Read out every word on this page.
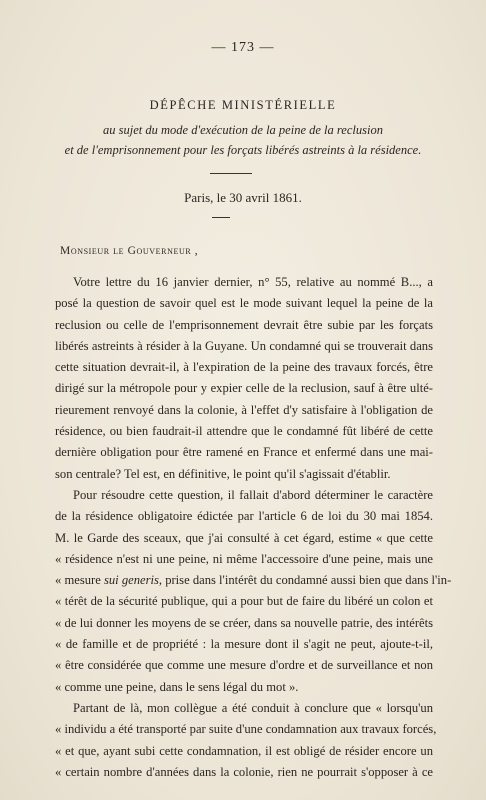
— 173 —
DÉPÊCHE MINISTÉRIELLE
au sujet du mode d'exécution de la peine de la reclusion
et de l'emprisonnement pour les forçats libérés astreints à la résidence.
Paris, le 30 avril 1861.
Monsieur le Gouverneur ,
Votre lettre du 16 janvier dernier, n° 55, relative au nommé B..., a
posé la question de savoir quel est le mode suivant lequel la peine de la
reclusion ou celle de l'emprisonnement devrait être subie par les forçats
libérés astreints à résider à la Guyane. Un condamné qui se trouverait dans
cette situation devrait-il, à l'expiration de la peine des travaux forcés, être
dirigé sur la métropole pour y expier celle de la reclusion, sauf à être ulté-
rieurement renvoyé dans la colonie, à l'effet d'y satisfaire à l'obligation de
résidence, ou bien faudrait-il attendre que le condamné fût libéré de cette
dernière obligation pour être ramené en France et enfermé dans une mai-
son centrale? Tel est, en définitive, le point qu'il s'agissait d'établir.
Pour résoudre cette question, il fallait d'abord déterminer le caractère
de la résidence obligatoire édictée par l'article 6 de loi du 30 mai 1854.
M. le Garde des sceaux, que j'ai consulté à cet égard, estime « que cette
« résidence n'est ni une peine, ni même l'accessoire d'une peine, mais une
« mesure sui generis, prise dans l'intérêt du condamné aussi bien que dans l'in-
« térêt de la sécurité publique, qui a pour but de faire du libéré un colon et
« de lui donner les moyens de se créer, dans sa nouvelle patrie, des intérêts
« de famille et de propriété : la mesure dont il s'agit ne peut, ajoute-t-il,
« être considérée que comme une mesure d'ordre et de surveillance et non
« comme une peine, dans le sens légal du mot ».
Partant de là, mon collègue a été conduit à conclure que « lorsqu'un
« individu a été transporté par suite d'une condamnation aux travaux forcés,
« et que, ayant subi cette condamnation, il est obligé de résider encore un
« certain nombre d'années dans la colonie, rien ne pourrait s'opposer à ce
